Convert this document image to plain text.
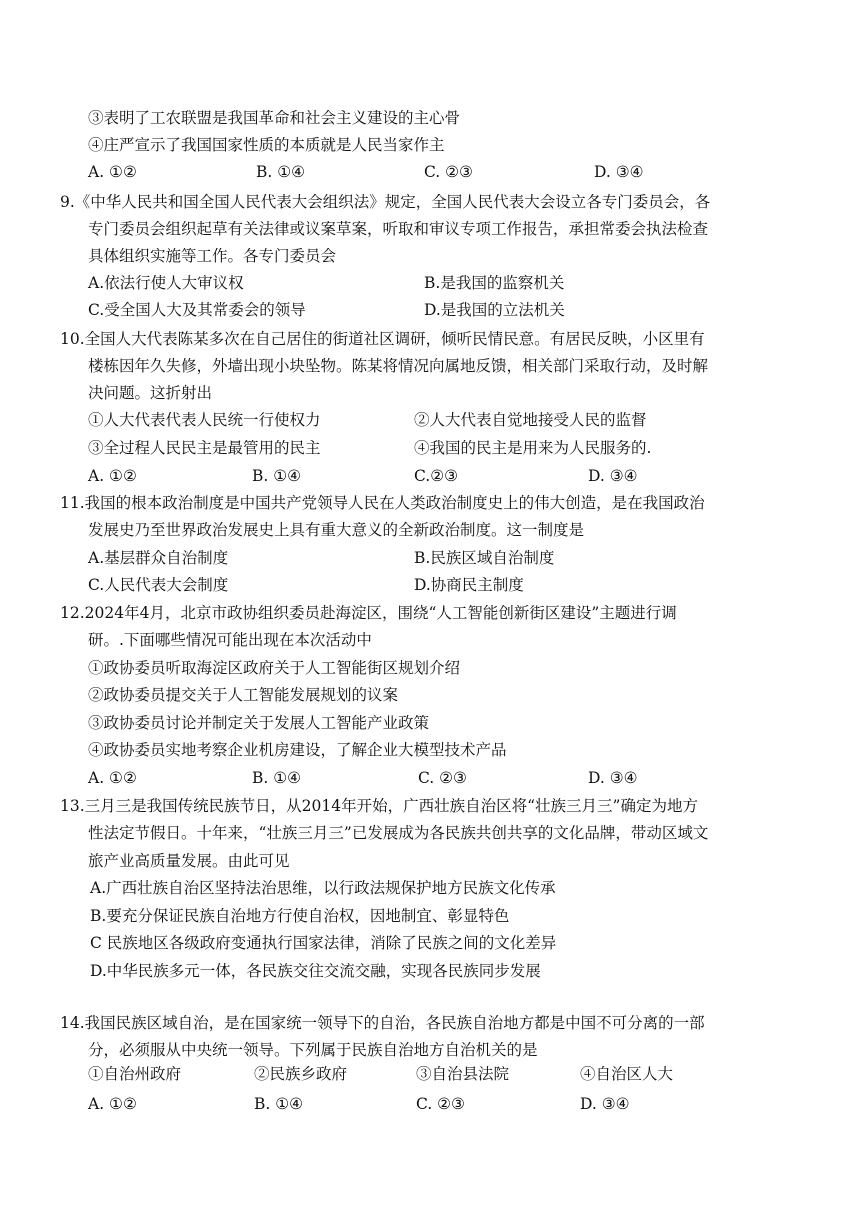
③表明了工农联盟是我国革命和社会主义建设的主心骨
④庄严宣示了我国国家性质的本质就是人民当家作主

A. ①②

	B. ①④

	C. ②③

	D. ③④

9.《中华人民共和国全国人民代表大会组织法》规定，全国人民代表大会设立各专门委员会，各
专门委员会组织起草有关法律或议案草案，听取和审议专项工作报告，承担常委会执法检查
具体组织实施等工作。各专门委员会

A.依法行使人大审议权

	B.是我国的监察机关

C.受全国人大及其常委会的领导

	D.是我国的立法机关

10.全国人大代表陈某多次在自己居住的街道社区调研，倾听民情民意。有居民反映，小区里有
楼栋因年久失修，外墙出现小块坠物。陈某将情况向属地反馈，相关部门采取行动，及时解
决问题。这折射出

①人大代表代表人民统一行使权力

	②人大代表自觉地接受人民的监督

③全过程人民民主是最管用的民主

	④我国的民主是用来为人民服务的.

A. ①②

	B. ①④

	C.②③

	D. ③④

11.我国的根本政治制度是中国共产党领导人民在人类政治制度史上的伟大创造，是在我国政治
发展史乃至世界政治发展史上具有重大意义的全新政治制度。这一制度是

A.基层群众自治制度

	B.民族区域自治制度

C.人民代表大会制度

	D.协商民主制度

12.2024年4月，北京市政协组织委员赴海淀区，围绕“人工智能创新街区建设”主题进行调
研。.下面哪些情况可能出现在本次活动中
①政协委员听取海淀区政府关于人工智能街区规划介绍
②政协委员提交关于人工智能发展规划的议案
③政协委员讨论并制定关于发展人工智能产业政策
④政协委员实地考察企业机房建设，了解企业大模型技术产品

A. ①②

	B. ①④

	C. ②③

	D. ③④

13.三月三是我国传统民族节日，从2014年开始，广西壮族自治区将“壮族三月三”确定为地方
性法定节假日。十年来，“壮族三月三”已发展成为各民族共创共享的文化品牌，带动区域文
旅产业高质量发展。由此可见
A.广西壮族自治区坚持法治思维，以行政法规保护地方民族文化传承
B.要充分保证民族自治地方行使自治权，因地制宜、彰显特色
C 民族地区各级政府变通执行国家法律，消除了民族之间的文化差异
D.中华民族多元一体，各民族交往交流交融，实现各民族同步发展
14.我国民族区域自治，是在国家统一领导下的自治，各民族自治地方都是中国不可分离的一部
分，必须服从中央统一领导。下列属于民族自治地方自治机关的是

①自治州政府

	②民族乡政府

	③自治县法院

	④自治区人大

A. ①②

	B. ①④

	C. ②③

	D. ③④
